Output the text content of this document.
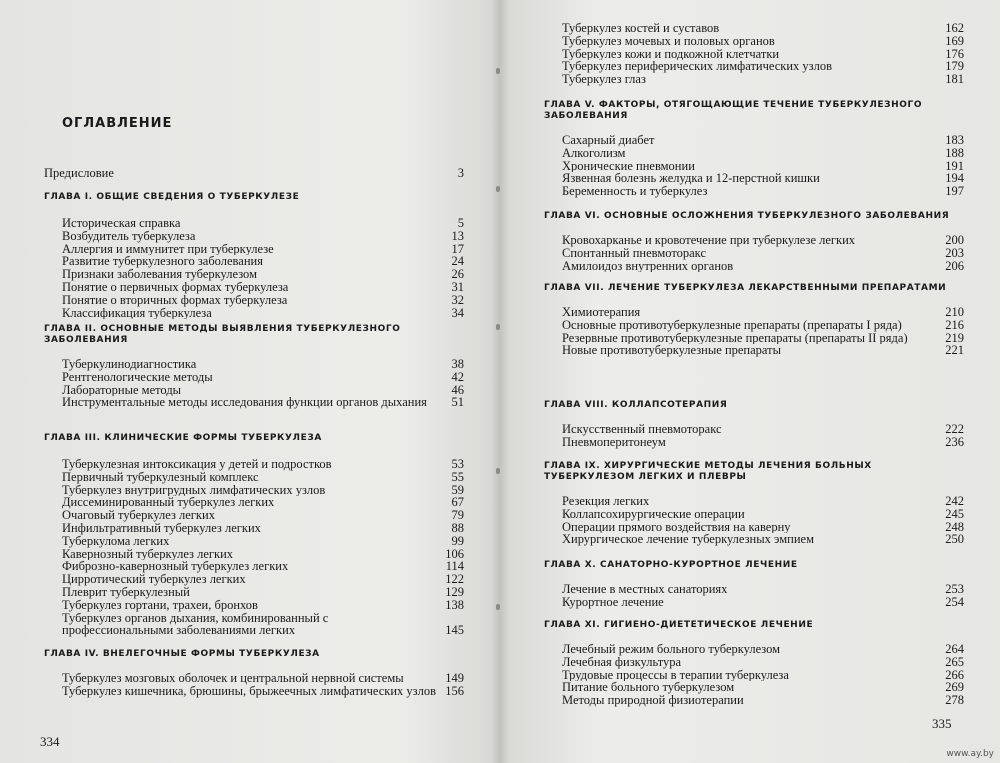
ОГЛАВЛЕНИЕ
Предисловие	3
ГЛАВА I. ОБЩИЕ СВЕДЕНИЯ О ТУБЕРКУЛЕЗЕ
Историческая справка	5
Возбудитель туберкулеза	13
Аллергия и иммунитет при туберкулезе	17
Развитие туберкулезного заболевания	24
Признаки заболевания туберкулезом	26
Понятие о первичных формах туберкулеза	31
Понятие о вторичных формах туберкулеза	32
Классификация туберкулеза	34
ГЛАВА II. ОСНОВНЫЕ МЕТОДЫ ВЫЯВЛЕНИЯ ТУБЕРКУЛЕЗНОГО ЗАБОЛЕВАНИЯ
Туберкулинодиагностика	38
Рентгенологические методы	42
Лабораторные методы	46
Инструментальные методы исследования функции органов дыхания	51
ГЛАВА III. КЛИНИЧЕСКИЕ ФОРМЫ ТУБЕРКУЛЕЗА
Туберкулезная интоксикация у детей и подростков	53
Первичный туберкулезный комплекс	55
Туберкулез внутригрудных лимфатических узлов	59
Диссеминированный туберкулез легких	67
Очаговый туберкулез легких	79
Инфильтративный туберкулез легких	88
Туберкулома легких	99
Кавернозный туберкулез легких	106
Фиброзно-кавернозный туберкулез легких	114
Цирротический туберкулез легких	122
Плеврит туберкулезный	129
Туберкулез гортани, трахеи, бронхов	138
Туберкулез органов дыхания, комбинированный с профессиональными заболеваниями легких	145
ГЛАВА IV. ВНЕЛЕГОЧНЫЕ ФОРМЫ ТУБЕРКУЛЕЗА
Туберкулез мозговых оболочек и центральной нервной системы	149
Туберкулез кишечника, брюшины, брыжеечных лимфатических узлов 156
334
Туберкулез костей и суставов	162
Туберкулез мочевых и половых органов	169
Туберкулез кожи и подкожной клетчатки	176
Туберкулез периферических лимфатических узлов	179
Туберкулез глаз	181
ГЛАВА V. ФАКТОРЫ, ОТЯГОЩАЮЩИЕ ТЕЧЕНИЕ ТУБЕРКУЛЕЗНОГО ЗАБОЛЕВАНИЯ
Сахарный диабет	183
Алкоголизм	188
Хронические пневмонии	191
Язвенная болезнь желудка и 12-перстной кишки	194
Беременность и туберкулез	197
ГЛАВА VI. ОСНОВНЫЕ ОСЛОЖНЕНИЯ ТУБЕРКУЛЕЗНОГО ЗАБОЛЕВАНИЯ
Кровохарканье и кровотечение при туберкулезе легких	200
Спонтанный пневмоторакс	203
Амилоидоз внутренних органов	206
ГЛАВА VII. ЛЕЧЕНИЕ ТУБЕРКУЛЕЗА ЛЕКАРСТВЕННЫМИ ПРЕПАРАТАМИ
Химиотерапия	210
Основные противотуберкулезные препараты (препараты I ряда)	216
Резервные противотуберкулезные препараты (препараты II ряда)	219
Новые противотуберкулезные препараты	221
ГЛАВА VIII. КОЛЛАПСОТЕРАПИЯ
Искусственный пневмоторакс	222
Пневмоперитонеум	236
ГЛАВА IX. ХИРУРГИЧЕСКИЕ МЕТОДЫ ЛЕЧЕНИЯ БОЛЬНЫХ ТУБЕРКУЛЕЗОМ ЛЕГКИХ И ПЛЕВРЫ
Резекция легких	242
Коллапсохирургические операции	245
Операции прямого воздействия на каверну	248
Хирургическое лечение туберкулезных эмпием	250
ГЛАВА X. САНАТОРНО-КУРОРТНОЕ ЛЕЧЕНИЕ
Лечение в местных санаториях	253
Курортное лечение	254
ГЛАВА XI. ГИГИЕНО-ДИЕТЕТИЧЕСКОЕ ЛЕЧЕНИЕ
Лечебный режим больного туберкулезом	264
Лечебная физкультура	265
Трудовые процессы в терапии туберкулеза	266
Питание больного туберкулезом	269
Методы природной физиотерапии	278
335
www.ay.by
